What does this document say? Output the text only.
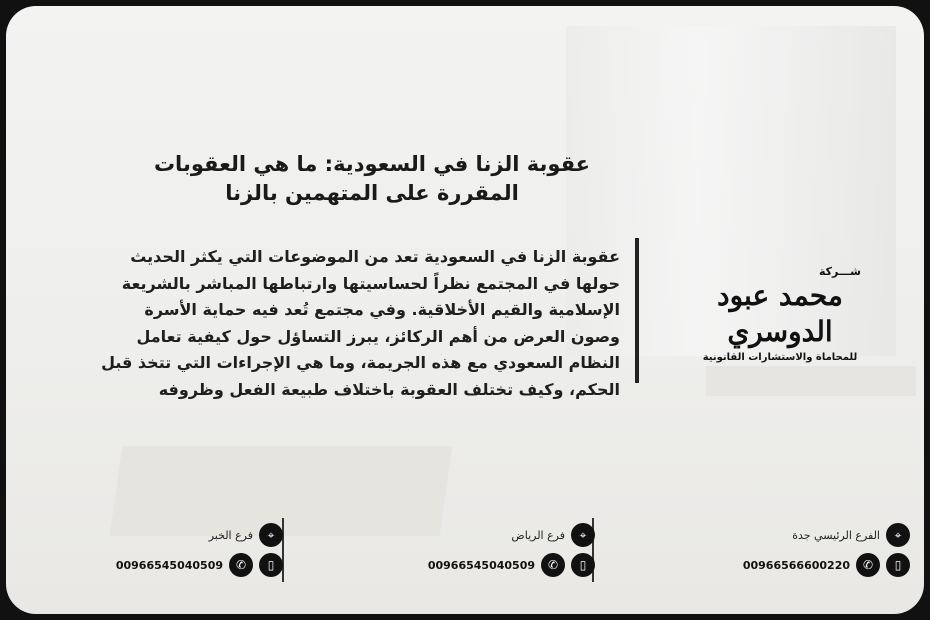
عقوبة الزنا في السعودية: ما هي العقوبات المقررة على المتهمين بالزنا
عقوبة الزنا في السعودية تعد من الموضوعات التي يكثر الحديث حولها في المجتمع نظراً لحساسيتها وارتباطها المباشر بالشريعة الإسلامية والقيم الأخلاقية. وفي مجتمع تُعد فيه حماية الأسرة وصون العرض من أهم الركائز، يبرز التساؤل حول كيفية تعامل النظام السعودي مع هذه الجريمة، وما هي الإجراءات التي تتخذ قبل الحكم، وكيف تختلف العقوبة باختلاف طبيعة الفعل وظروفه
شـــركة
محمد عبود الدوسري
للمحاماة والاستشارات القانونية
⌖
الفرع الرئيسي جدة
▯
✆
00966566600220
⌖
فرع الرياض
▯
✆
00966545040509
⌖
فرع الخبر
▯
✆
00966545040509
